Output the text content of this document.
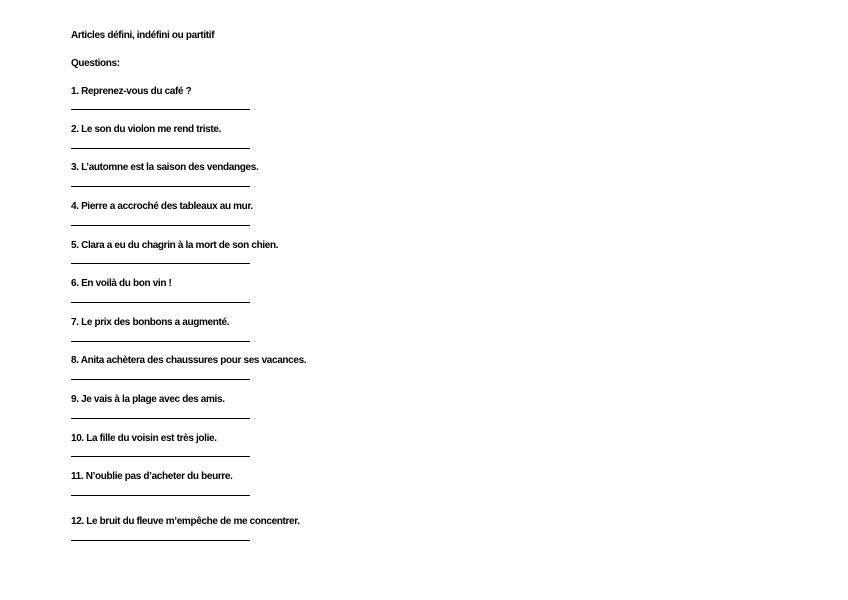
Articles défini, indéfini ou partitif
Questions:
1. Reprenez-vous du café ?
2. Le son du violon me rend triste.
3. L’automne est la saison des vendanges.
4. Pierre a accroché des tableaux au mur.
5. Clara a eu du chagrin à la mort de son chien.
6. En voilà du bon vin !
7. Le prix des bonbons a augmenté.
8. Anita achètera des chaussures pour ses vacances.
9. Je vais à la plage avec des amis.
10. La fille du voisin est très jolie.
11. N’oublie pas d’acheter du beurre.
12. Le bruit du fleuve m’empêche de me concentrer.
